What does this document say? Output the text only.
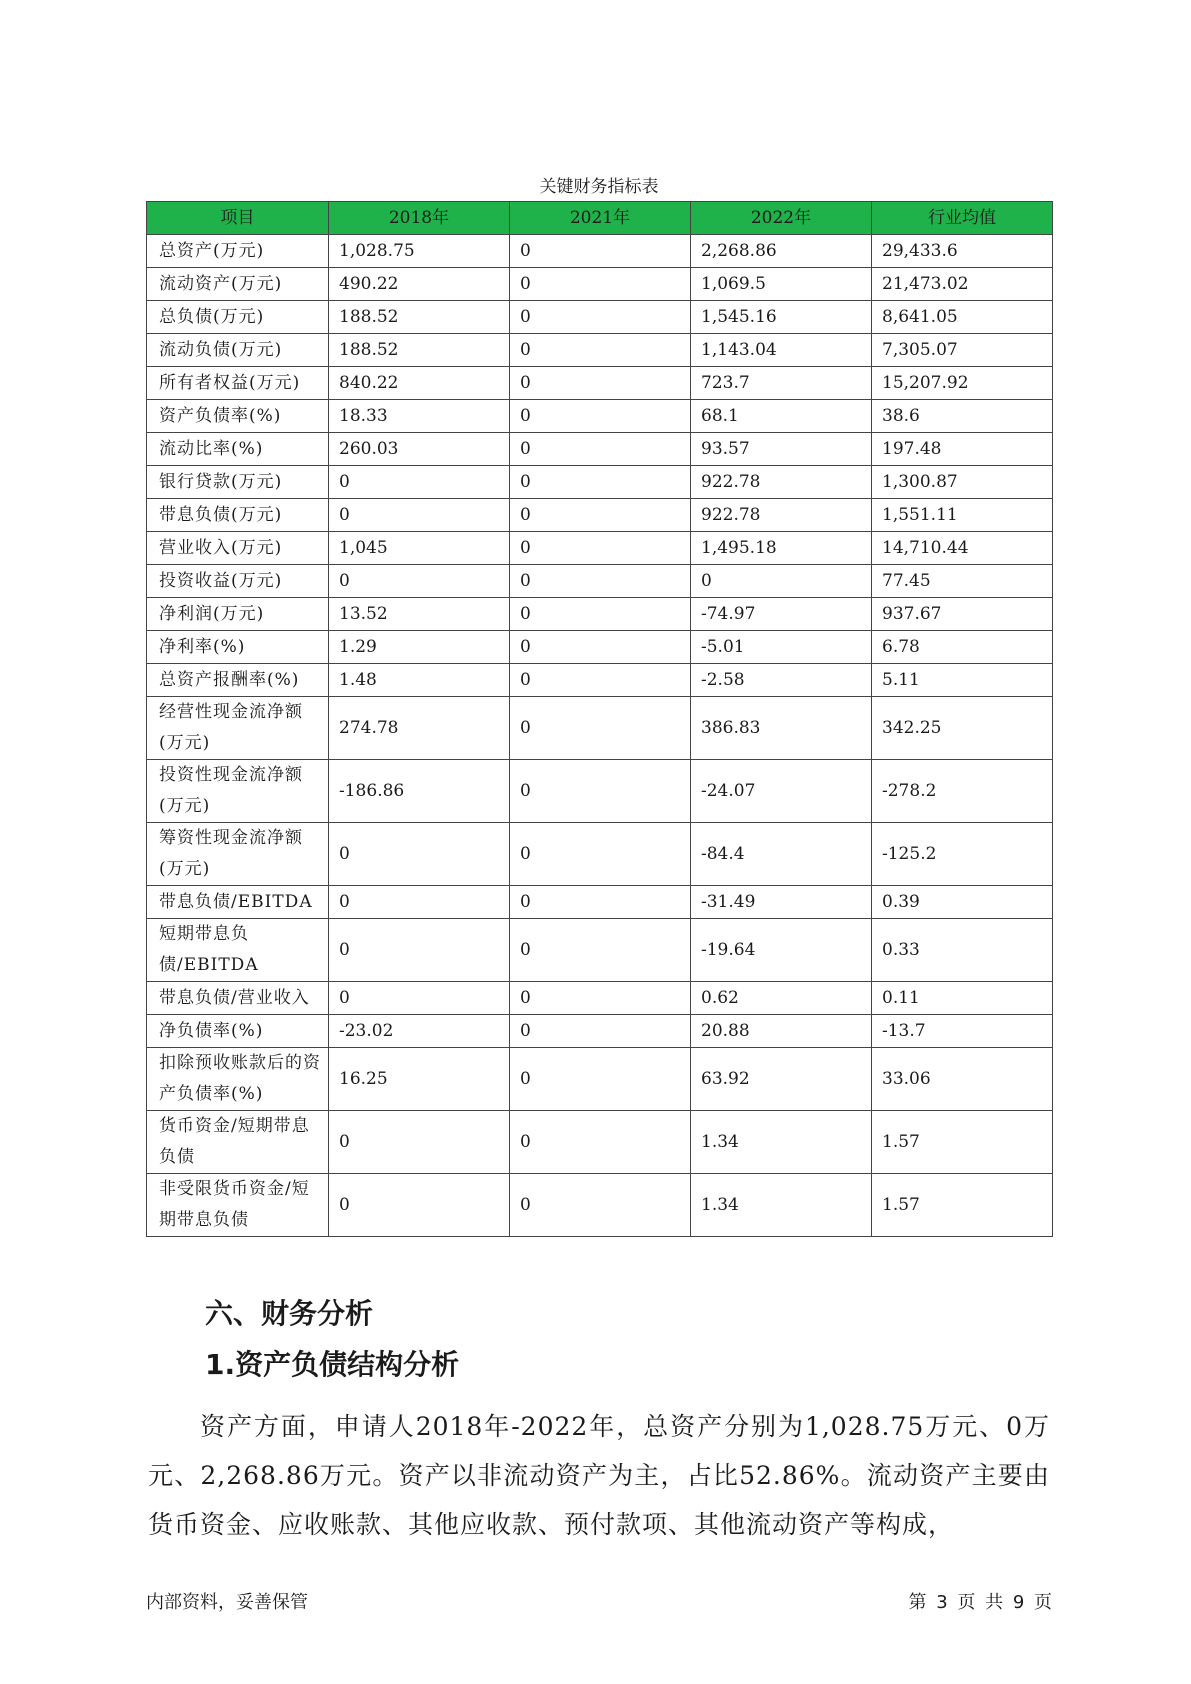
关键财务指标表
项目	2018年	2021年	2022年	行业均值
总资产(万元)	1,028.75	0	2,268.86	29,433.6
流动资产(万元)	490.22	0	1,069.5	21,473.02
总负债(万元)	188.52	0	1,545.16	8,641.05
流动负债(万元)	188.52	0	1,143.04	7,305.07
所有者权益(万元)	840.22	0	723.7	15,207.92
资产负债率(%)	18.33	0	68.1	38.6
流动比率(%)	260.03	0	93.57	197.48
银行贷款(万元)	0	0	922.78	1,300.87
带息负债(万元)	0	0	922.78	1,551.11
营业收入(万元)	1,045	0	1,495.18	14,710.44
投资收益(万元)	0	0	0	77.45
净利润(万元)	13.52	0	-74.97	937.67
净利率(%)	1.29	0	-5.01	6.78
总资产报酬率(%)	1.48	0	-2.58	5.11
经营性现金流净额(万元)	274.78	0	386.83	342.25
投资性现金流净额(万元)	-186.86	0	-24.07	-278.2
筹资性现金流净额(万元)	0	0	-84.4	-125.2
带息负债/EBITDA	0	0	-31.49	0.39
短期带息负债/EBITDA	0	0	-19.64	0.33
带息负债/营业收入	0	0	0.62	0.11
净负债率(%)	-23.02	0	20.88	-13.7
扣除预收账款后的资产负债率(%)	16.25	0	63.92	33.06
货币资金/短期带息负债	0	0	1.34	1.57
非受限货币资金/短期带息负债	0	0	1.34	1.57
六、财务分析
1.资产负债结构分析
资产方面，申请人2018年-2022年，总资产分别为1,028.75万元、0万元、2,268.86万元。资产以非流动资产为主，占比52.86%。流动资产主要由货币资金、应收账款、其他应收款、预付款项、其他流动资产等构成，
内部资料，妥善保管	第 3 页 共 9 页
